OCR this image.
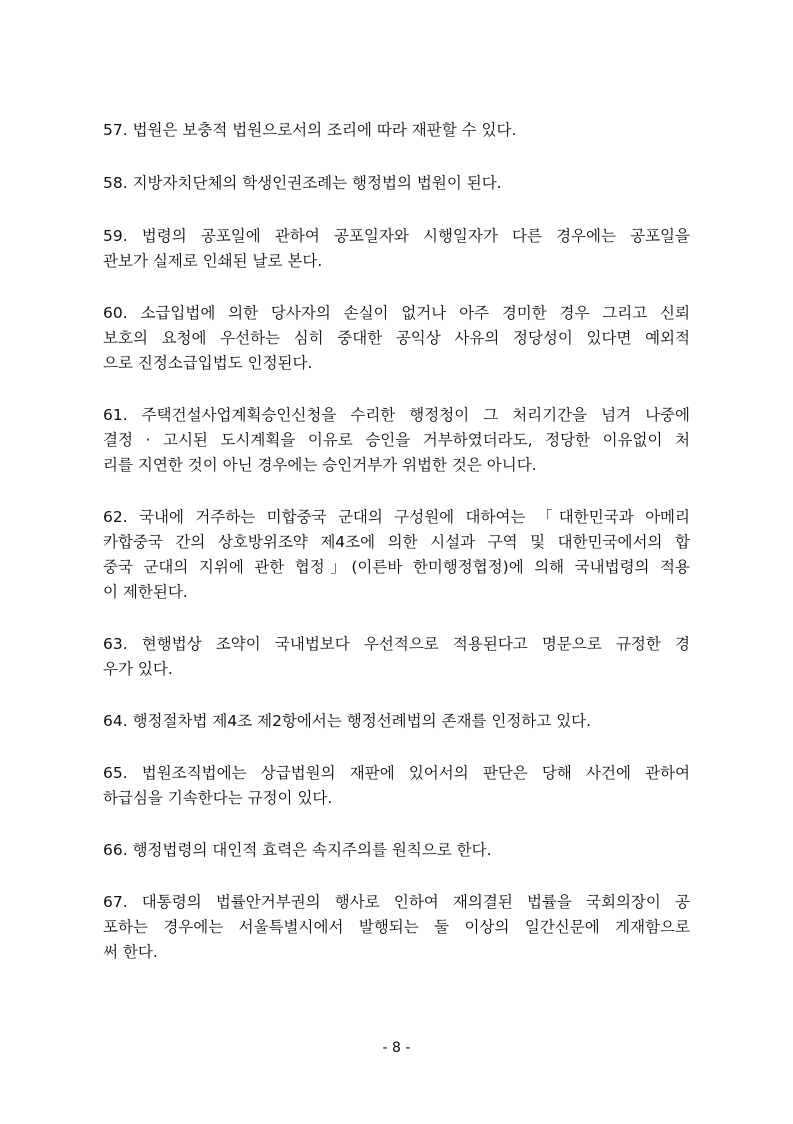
57. 법원은 보충적 법원으로서의 조리에 따라 재판할 수 있다.
58. 지방자치단체의 학생인권조례는 행정법의 법원이 된다.
59. 법령의 공포일에 관하여 공포일자와 시행일자가 다른 경우에는 공포일을
관보가 실제로 인쇄된 날로 본다.
60. 소급입법에 의한 당사자의 손실이 없거나 아주 경미한 경우 그리고 신뢰
보호의 요청에 우선하는 심히 중대한 공익상 사유의 정당성이 있다면 예외적
으로 진정소급입법도 인정된다.
61. 주택건설사업계획승인신청을 수리한 행정청이 그 처리기간을 넘겨 나중에
결정 · 고시된 도시계획을 이유로 승인을 거부하였더라도, 정당한 이유없이 처
리를 지연한 것이 아닌 경우에는 승인거부가 위법한 것은 아니다.
62. 국내에 거주하는 미합중국 군대의 구성원에 대하여는 「대한민국과 아메리
카합중국 간의 상호방위조약 제4조에 의한 시설과 구역 및 대한민국에서의 합
중국 군대의 지위에 관한 협정」(이른바 한미행정협정)에 의해 국내법령의 적용
이 제한된다.
63. 현행법상 조약이 국내법보다 우선적으로 적용된다고 명문으로 규정한 경
우가 있다.
64. 행정절차법 제4조 제2항에서는 행정선례법의 존재를 인정하고 있다.
65. 법원조직법에는 상급법원의 재판에 있어서의 판단은 당해 사건에 관하여
하급심을 기속한다는 규정이 있다.
66. 행정법령의 대인적 효력은 속지주의를 원칙으로 한다.
67. 대통령의 법률안거부권의 행사로 인하여 재의결된 법률을 국회의장이 공
포하는 경우에는 서울특별시에서 발행되는 둘 이상의 일간신문에 게재함으로
써 한다.
- 8 -
